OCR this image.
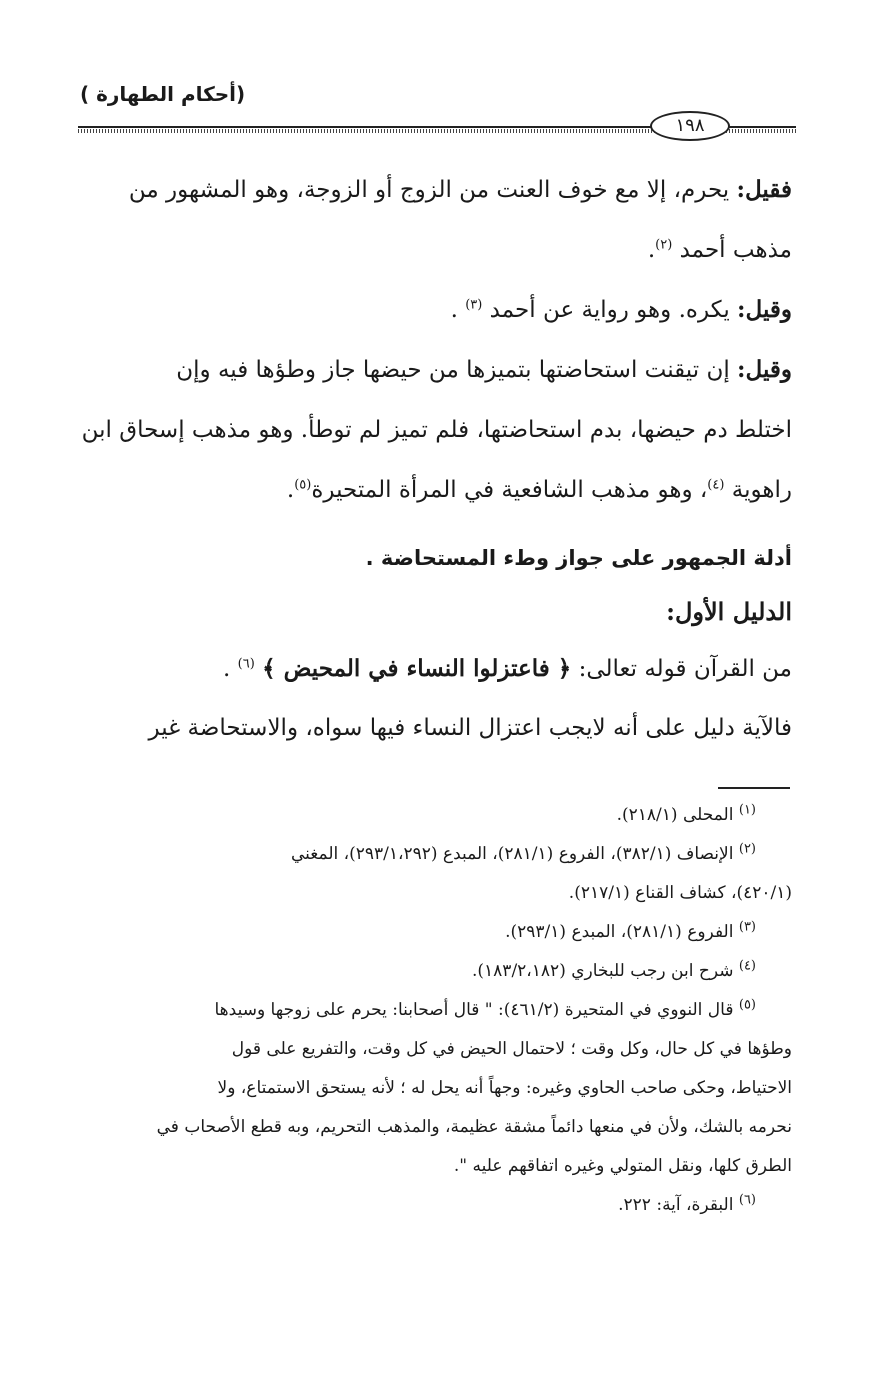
(أحكام الطهارة )
١٩٨

فقيل: يحرم، إلا مع خوف العنت من الزوج أو الزوجة، وهو المشهور من

مذهب أحمد $^{(٢)}$.

وقيل: يكره. وهو رواية عن أحمد $^{(٣)}$ .

وقيل: إن تيقنت استحاضتها بتميزها من حيضها جاز وطؤها فيه وإن

اختلط دم حيضها، بدم استحاضتها، فلم تميز لم توطأ. وهو مذهب إسحاق ابن

راهوية $^{(٤)}$، وهو مذهب الشافعية في المرأة المتحيرة$^{(٥)}$.

أدلة الجمهور على جواز وطء المستحاضة .

الدليل الأول:

من القرآن قوله تعالى: ﴿ فاعتزلوا النساء في المحيض ﴾ $^{(٦)}$ .

فالآية دليل على أنه لايجب اعتزال النساء فيها سواه، والاستحاضة غير

$^{(١)}$ المحلى (٢١٨/١).

$^{(٢)}$ الإنصاف (٣٨٢/١)، الفروع (٢٨١/١)، المبدع (٢٩٣/١،٢٩٢)، المغني

(٤٢٠/١)، كشاف القناع (٢١٧/١).

$^{(٣)}$ الفروع (٢٨١/١)، المبدع (٢٩٣/١).

$^{(٤)}$ شرح ابن رجب للبخاري (١٨٣/٢،١٨٢).

$^{(٥)}$ قال النووي في المتحيرة (٤٦١/٢): " قال أصحابنا: يحرم على زوجها وسيدها

وطؤها في كل حال، وكل وقت ؛ لاحتمال الحيض في كل وقت، والتفريع على قول

الاحتياط، وحكى صاحب الحاوي وغيره: وجهاً أنه يحل له ؛ لأنه يستحق الاستمتاع، ولا

نحرمه بالشك، ولأن في منعها دائماً مشقة عظيمة، والمذهب التحريم، وبه قطع الأصحاب في

الطرق كلها، ونقل المتولي وغيره اتفاقهم عليه ".

$^{(٦)}$ البقرة، آية: ٢٢٢.
